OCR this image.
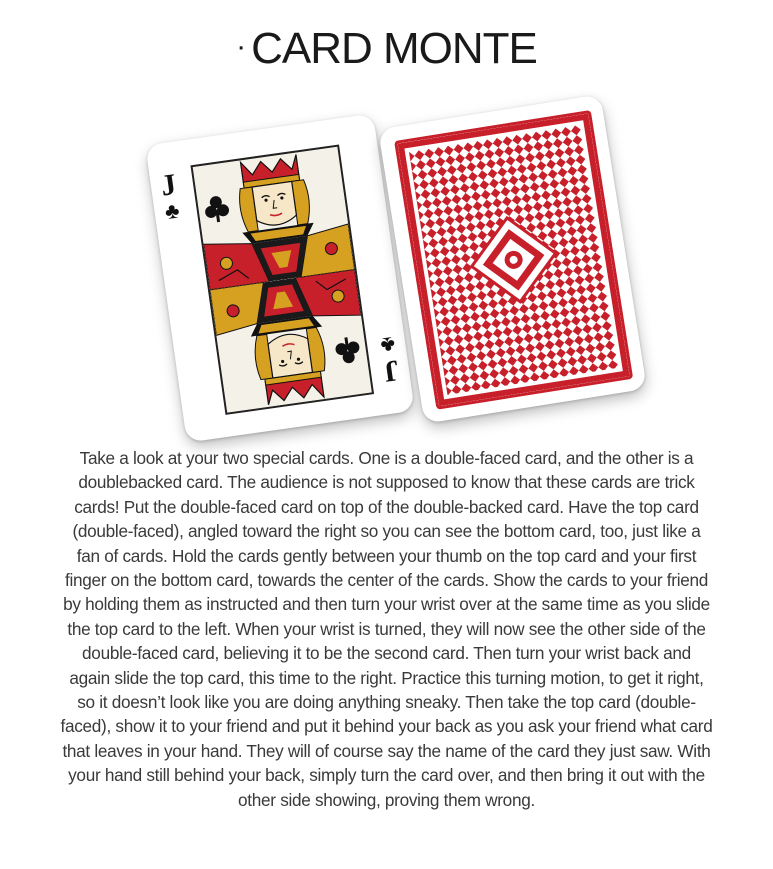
· CARD MONTE
J
♣
J
♣

Take a look at your two special cards. One is a double-faced card, and the other is a doublebacked card. The audience is not supposed to know that these cards are trick cards! Put the double-faced card on top of the double-backed card. Have the top card (double-faced), angled toward the right so you can see the bottom card, too, just like a fan of cards. Hold the cards gently between your thumb on the top card and your first finger on the bottom card, towards the center of the cards. Show the cards to your friend by holding them as instructed and then turn your wrist over at the same time as you slide the top card to the left. When your wrist is turned, they will now see the other side of the double-faced card, believing it to be the second card. Then turn your wrist back and again slide the top card, this time to the right. Practice this turning motion, to get it right, so it doesn’t look like you are doing anything sneaky. Then take the top card (double-faced), show it to your friend and put it behind your back as you ask your friend what card that leaves in your hand. They will of course say the name of the card they just saw. With your hand still behind your back, simply turn the card over, and then bring it out with the other side showing, proving them wrong.
